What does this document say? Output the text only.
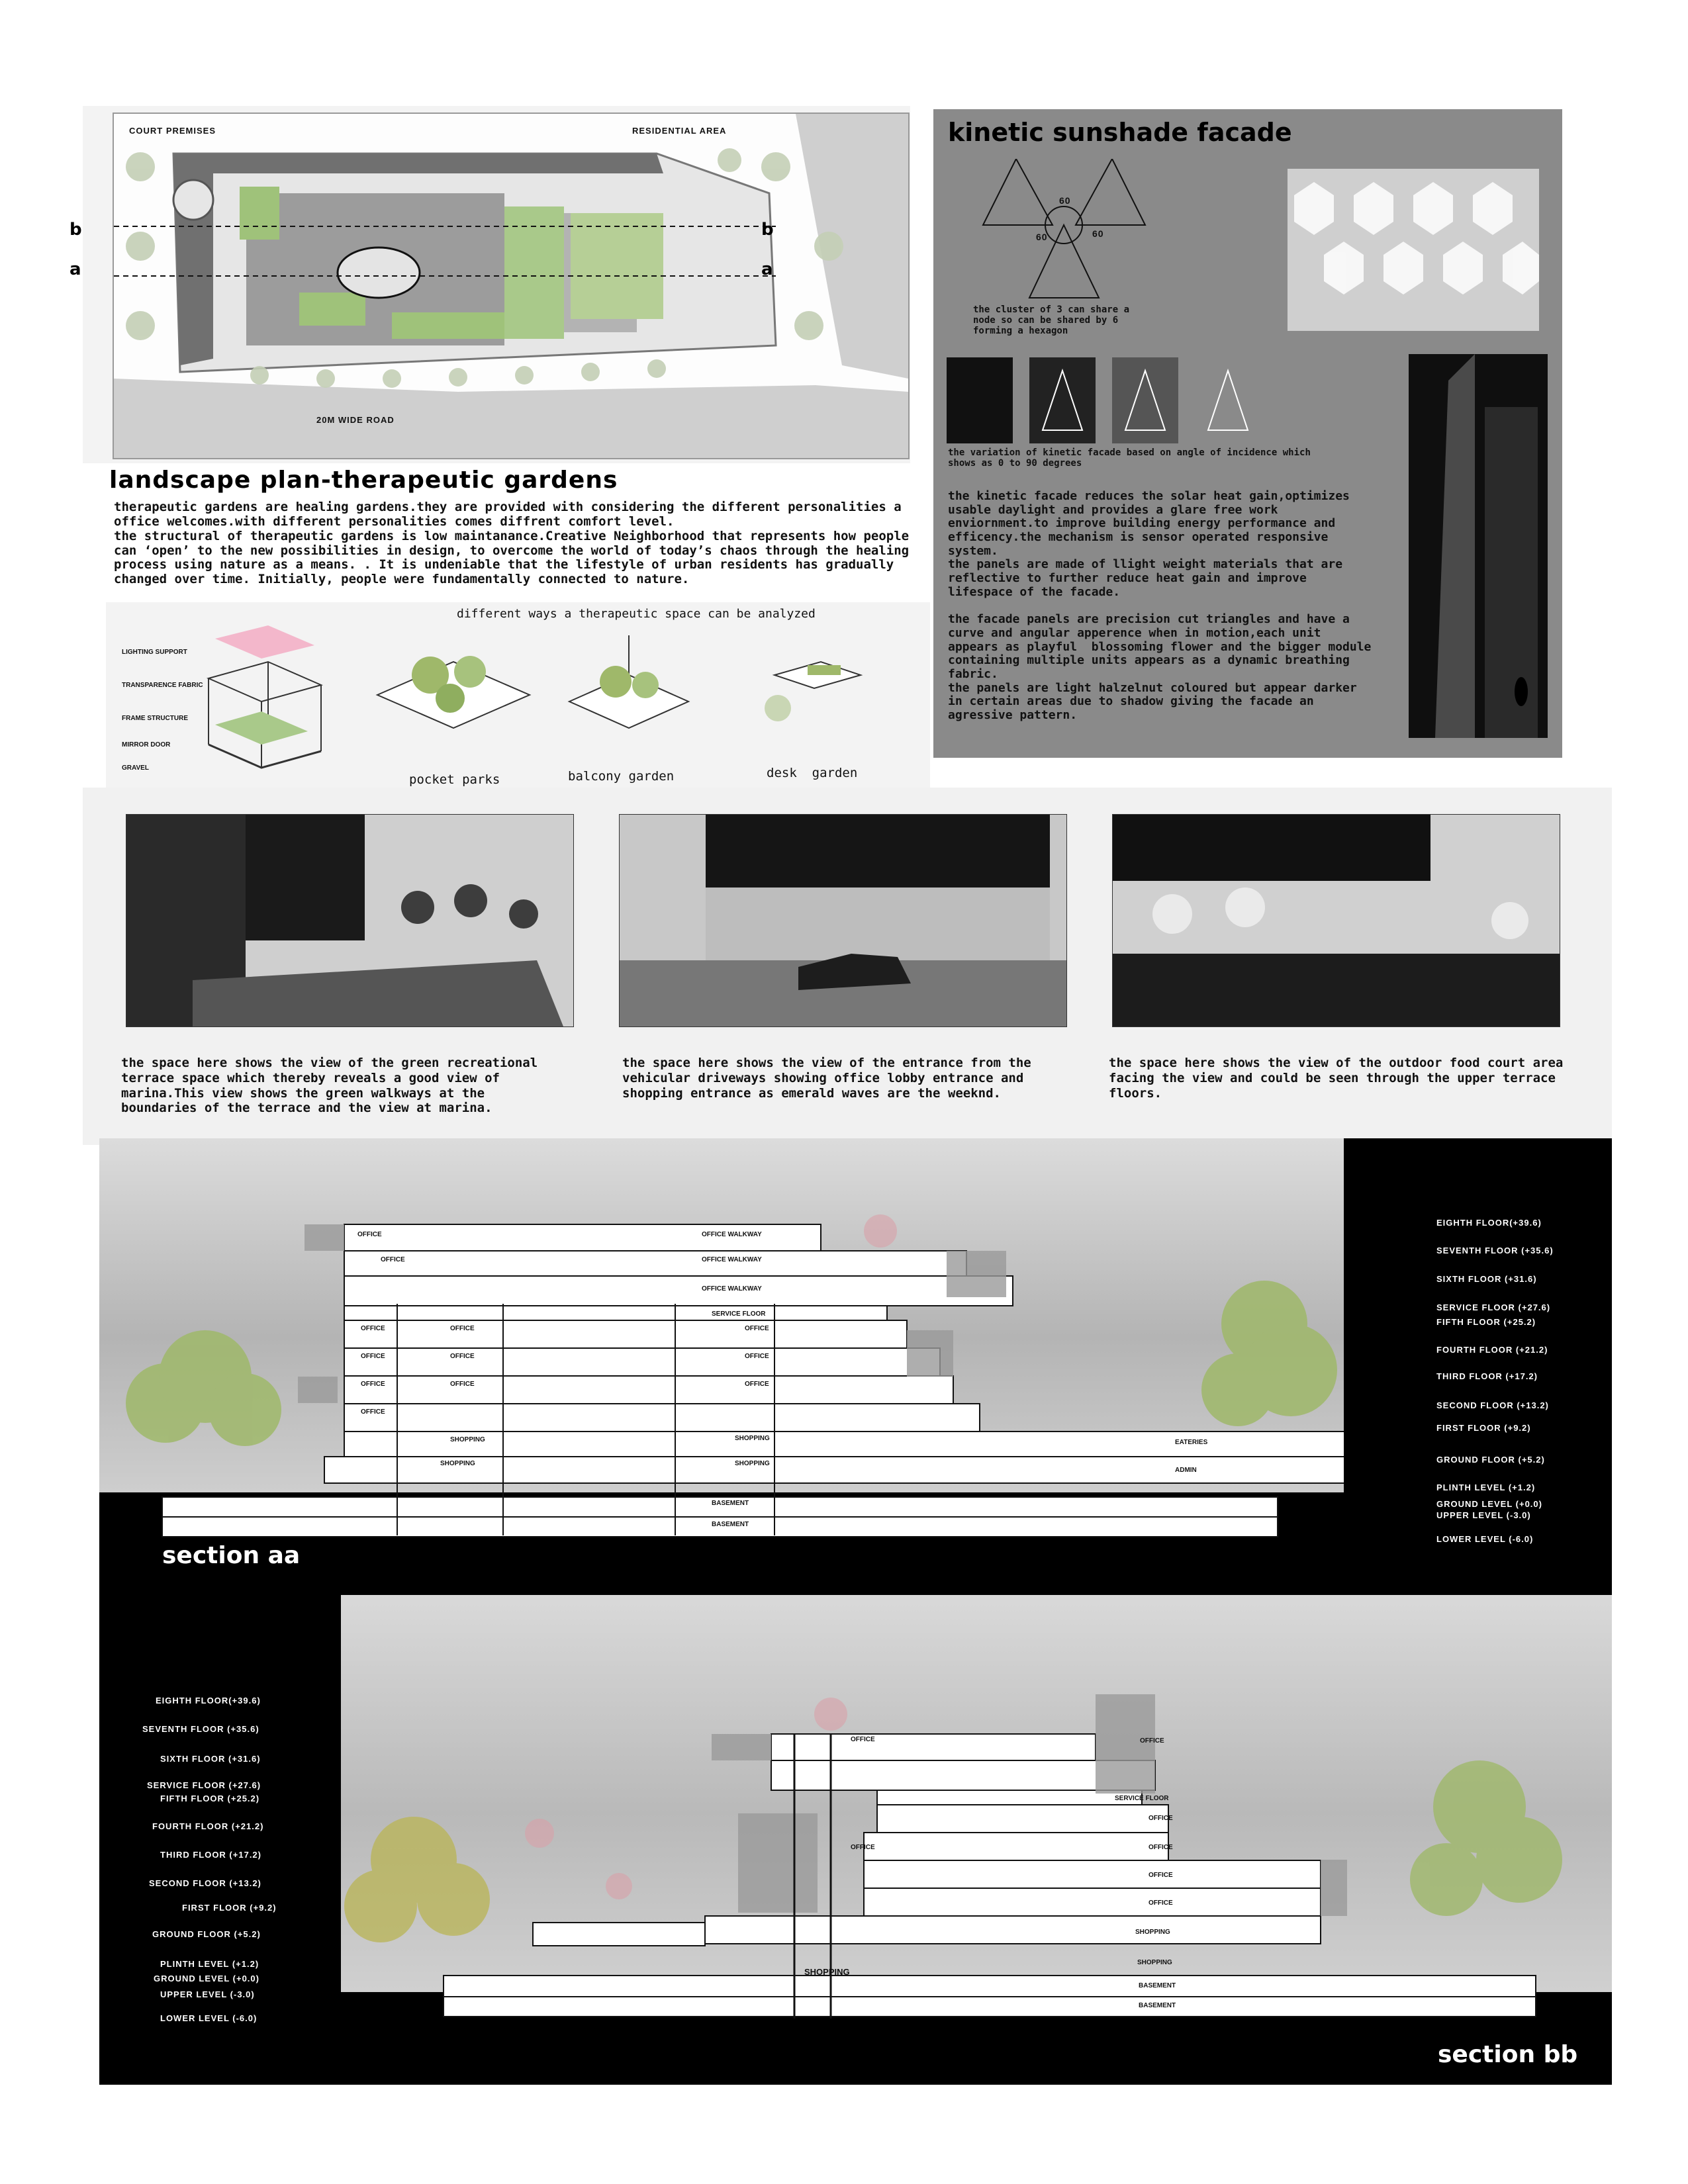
COURT PREMISES	RESIDENTIAL AREA
20M WIDE ROAD
b
a
b
a
landscape plan-therapeutic gardens
therapeutic gardens are healing gardens.they are provided with considering the different personalities a office welcomes.with different personalities comes diffrent comfort level.
the structural of therapeutic gardens is low maintanance.Creative Neighborhood that represents how people can ‘open’ to the new possibilities in design, to overcome the world of today’s chaos through the healing process using nature as a means. . It is undeniable that the lifestyle of urban residents has gradually changed over time. Initially, people were fundamentally connected to nature.
different ways a therapeutic space can be analyzed
LIGHTING SUPPORT
TRANSPARENCE FABRIC
FRAME STRUCTURE
MIRROR DOOR
GRAVEL
pocket parks	balcony garden	desk  garden
kinetic sunshade facade
60
60	60
the cluster of 3 can share a node so can be shared by 6 forming a hexagon
the variation of kinetic facade based on angle of incidence which shows as 0 to 90 degrees
the kinetic facade reduces the solar heat gain,optimizes usable daylight and provides a glare free work enviornment.to improve building energy performance and efficency.the mechanism is sensor operated responsive system.
the panels are made of llight weight materials that are reflective to further reduce heat gain and improve lifespace of the facade.

the facade panels are precision cut triangles and have a curve and angular apperence when in motion,each unit appears as playful  blossoming flower and the bigger module containing multiple units appears as a dynamic breathing fabric.
the panels are light halzelnut coloured but appear darker in certain areas due to shadow giving the facade an agressive pattern.
the space here shows the view of the green recreational terrace space which thereby reveals a good view of marina.This view shows the green walkways at the boundaries of the terrace and the view at marina.
the space here shows the view of the entrance from the vehicular driveways showing office lobby entrance and shopping entrance as emerald waves are the weeknd.
the space here shows the view of the outdoor food court area facing the view and could be seen through the upper terrace floors.
OFFICE	OFFICE WALKWAY
OFFICE	OFFICE WALKWAY
OFFICE WALKWAY
SERVICE FLOOR
OFFICE	OFFICE	OFFICE
OFFICE	OFFICE	OFFICE
OFFICE	OFFICE	OFFICE
OFFICE
SHOPPING	SHOPPING
SHOPPING	SHOPPING
EATERIES
ADMIN
BASEMENT
BASEMENT
EIGHTH FLOOR(+39.6)
SEVENTH FLOOR (+35.6)
SIXTH FLOOR (+31.6)
SERVICE FLOOR (+27.6)
FIFTH FLOOR (+25.2)
FOURTH FLOOR (+21.2)
THIRD FLOOR (+17.2)
SECOND FLOOR (+13.2)
FIRST FLOOR (+9.2)
GROUND FLOOR (+5.2)
PLINTH LEVEL (+1.2)
GROUND LEVEL (+0.0)
UPPER LEVEL (-3.0)
LOWER LEVEL (-6.0)
section aa
OFFICE	OFFICE
SERVICE FLOOR
OFFICE
OFFICE	OFFICE
OFFICE
OFFICE
SHOPPING
SHOPPING
SHOPPING
BASEMENT
BASEMENT
EIGHTH FLOOR(+39.6)
SEVENTH FLOOR (+35.6)
SIXTH FLOOR (+31.6)
SERVICE FLOOR (+27.6)
FIFTH FLOOR (+25.2)
FOURTH FLOOR (+21.2)
THIRD FLOOR (+17.2)
SECOND FLOOR (+13.2)
FIRST FLOOR (+9.2)
GROUND FLOOR (+5.2)
PLINTH LEVEL (+1.2)
GROUND LEVEL (+0.0)
UPPER LEVEL (-3.0)
LOWER LEVEL (-6.0)
section bb
